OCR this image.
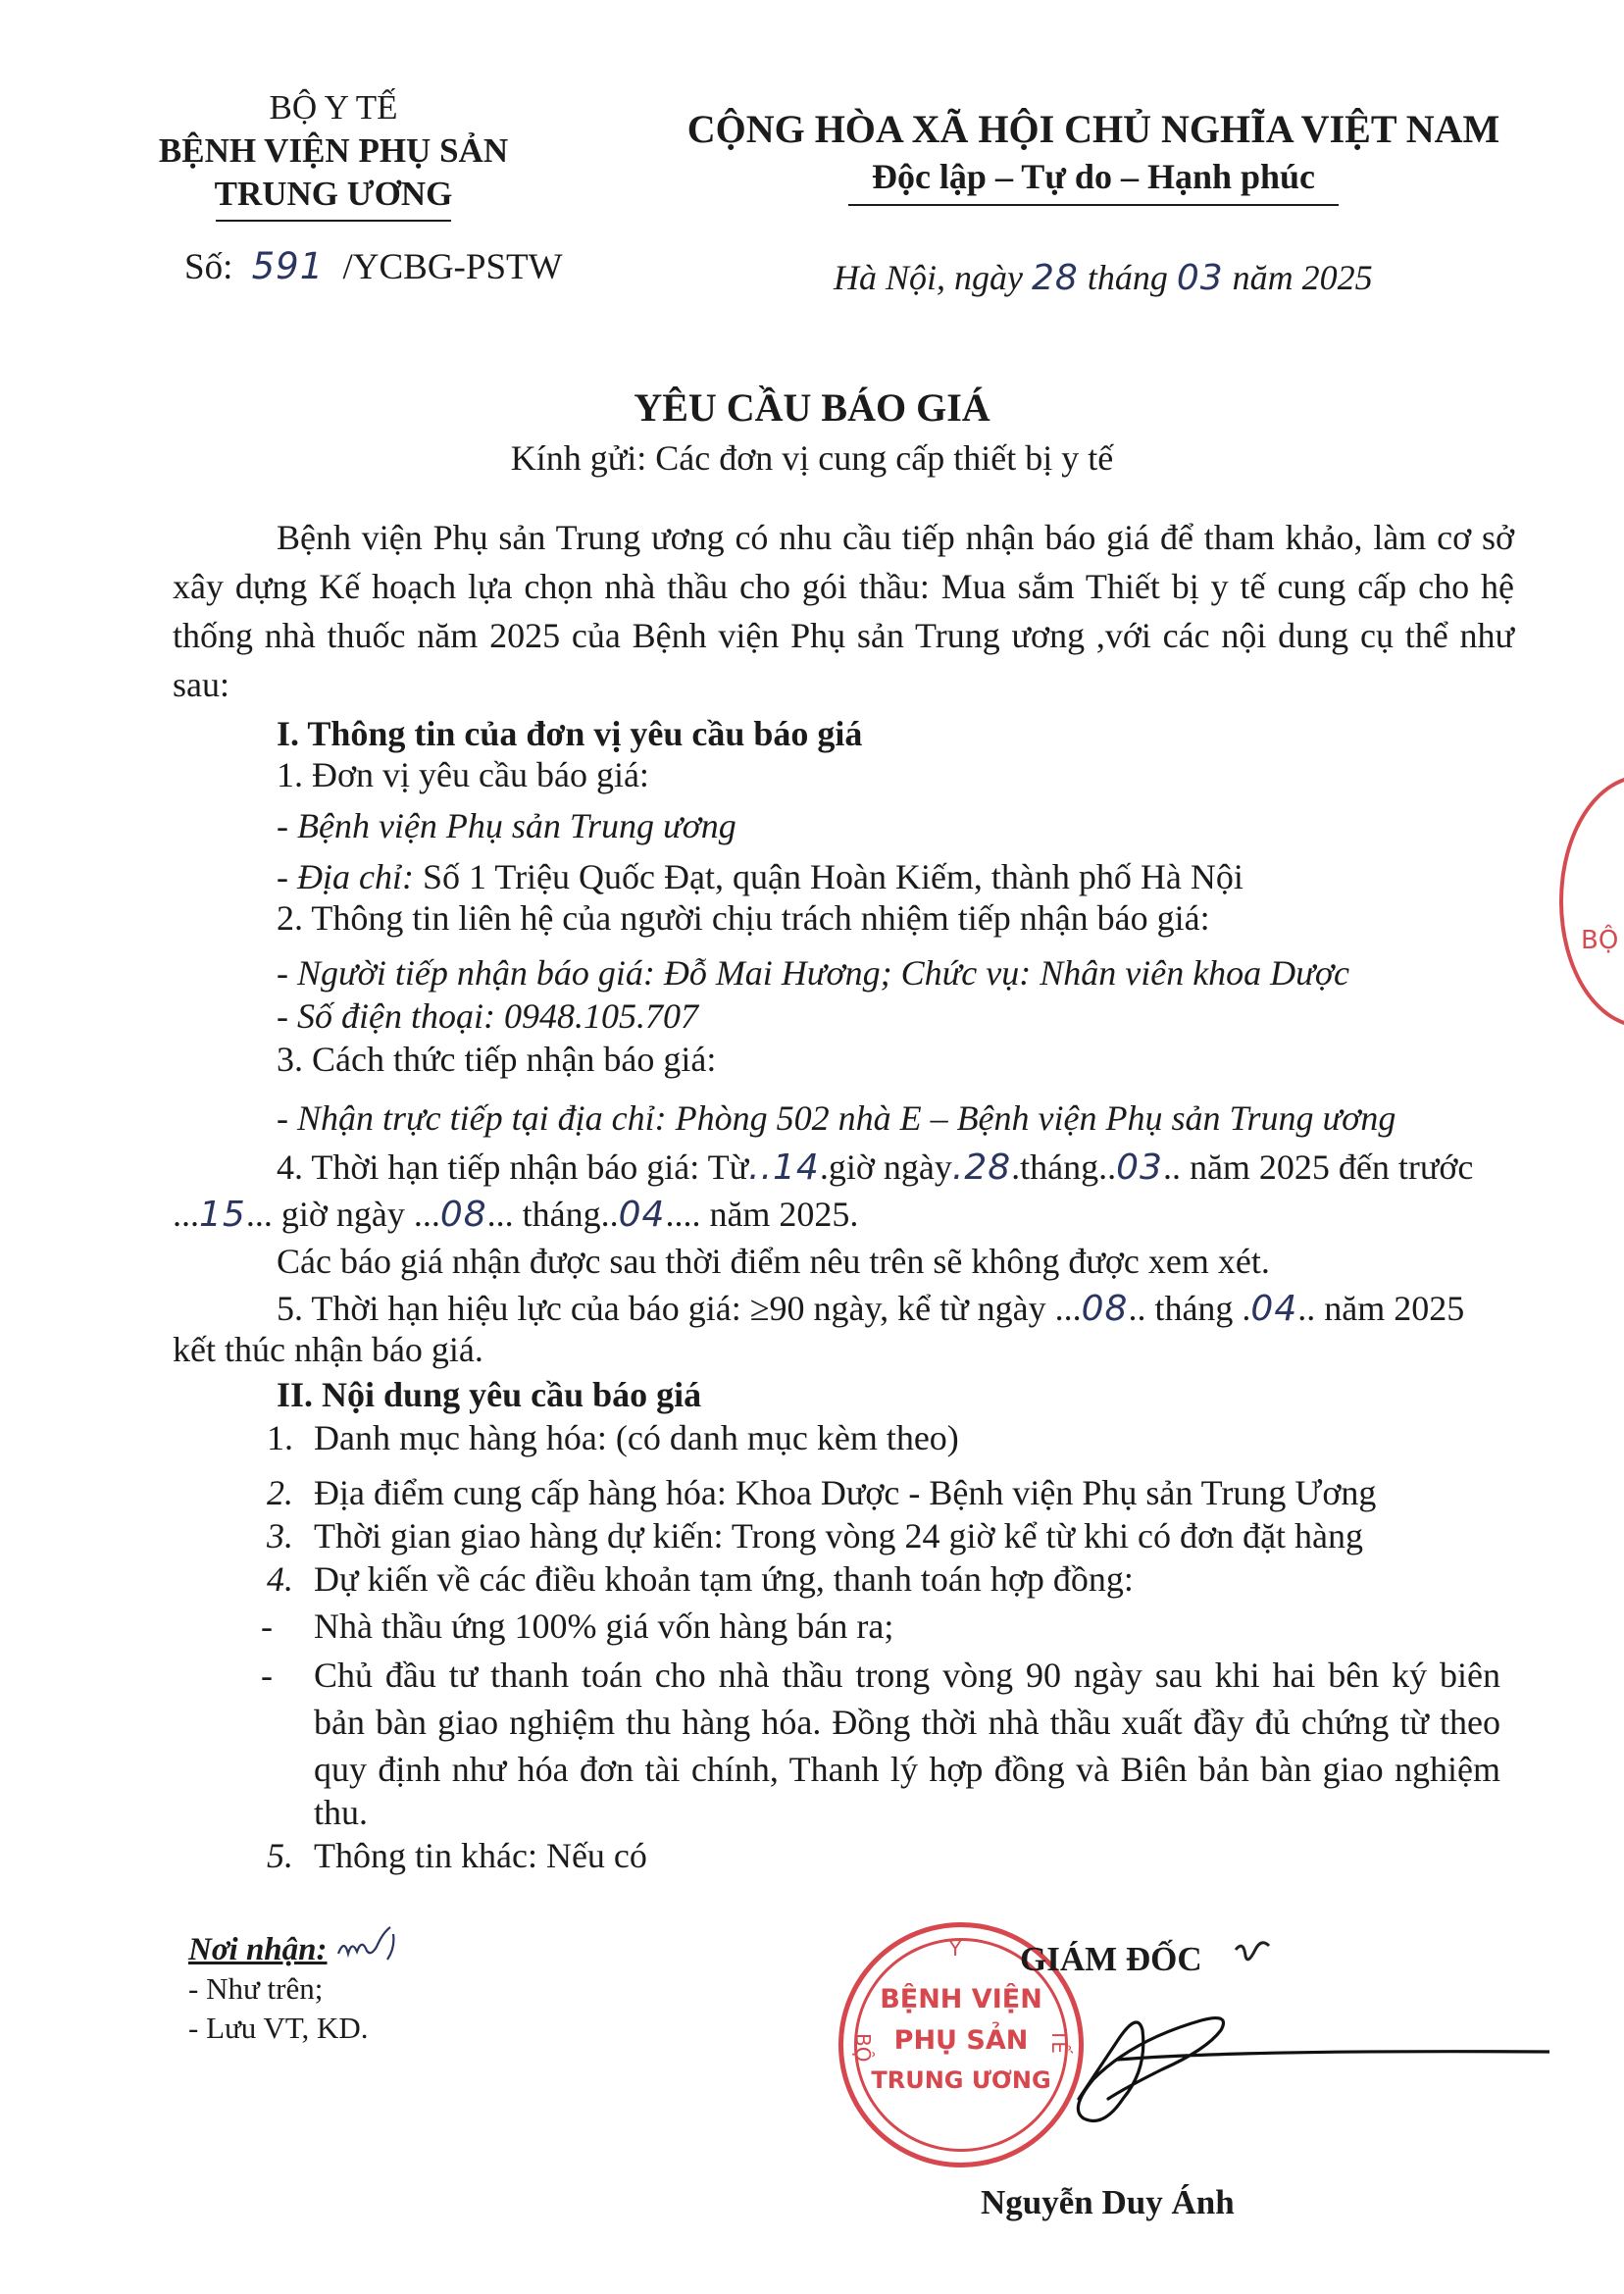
BỘ Y TẾ
BỆNH VIỆN PHỤ SẢN
TRUNG ƯƠNG
CỘNG HÒA XÃ HỘI CHỦ NGHĨA VIỆT NAM
Độc lập – Tự do – Hạnh phúc
Số: 591 /YCBG-PSTW	Hà Nội, ngày 28 tháng 03 năm 2025
YÊU CẦU BÁO GIÁ
Kính gửi: Các đơn vị cung cấp thiết bị y tế
Bệnh viện Phụ sản Trung ương có nhu cầu tiếp nhận báo giá để tham khảo, làm cơ sở
xây dựng Kế hoạch lựa chọn nhà thầu cho gói thầu: Mua sắm Thiết bị y tế cung cấp cho hệ
thống nhà thuốc năm 2025 của Bệnh viện Phụ sản Trung ương ,với các nội dung cụ thể như
sau:
I. Thông tin của đơn vị yêu cầu báo giá
1. Đơn vị yêu cầu báo giá:
- Bệnh viện Phụ sản Trung ương
- Địa chỉ: Số 1 Triệu Quốc Đạt, quận Hoàn Kiếm, thành phố Hà Nội
2. Thông tin liên hệ của người chịu trách nhiệm tiếp nhận báo giá:
- Người tiếp nhận báo giá: Đỗ Mai Hương; Chức vụ: Nhân viên khoa Dược
- Số điện thoại: 0948.105.707
3. Cách thức tiếp nhận báo giá:
- Nhận trực tiếp tại địa chỉ: Phòng 502 nhà E – Bệnh viện Phụ sản Trung ương
4. Thời hạn tiếp nhận báo giá: Từ..14.giờ ngày.28.tháng..03.. năm 2025 đến trước
...15... giờ ngày ...08... tháng..04.... năm 2025.
Các báo giá nhận được sau thời điểm nêu trên sẽ không được xem xét.
5. Thời hạn hiệu lực của báo giá: ≥90 ngày, kể từ ngày ...08.. tháng .04.. năm 2025
kết thúc nhận báo giá.
II. Nội dung yêu cầu báo giá
1. Danh mục hàng hóa: (có danh mục kèm theo)
2. Địa điểm cung cấp hàng hóa: Khoa Dược - Bệnh viện Phụ sản Trung Ương
3. Thời gian giao hàng dự kiến: Trong vòng 24 giờ kể từ khi có đơn đặt hàng
4. Dự kiến về các điều khoản tạm ứng, thanh toán hợp đồng:
- Nhà thầu ứng 100% giá vốn hàng bán ra;
- Chủ đầu tư thanh toán cho nhà thầu trong vòng 90 ngày sau khi hai bên ký biên
bản bàn giao nghiệm thu hàng hóa. Đồng thời nhà thầu xuất đầy đủ chứng từ theo
quy định như hóa đơn tài chính, Thanh lý hợp đồng và Biên bản bàn giao nghiệm
thu.
5. Thông tin khác: Nếu có
Nơi nhận:
- Như trên;
- Lưu VT, KD.
BỘ
Y
BỘ	TẾ
BỆNH VIỆN
PHỤ SẢN
TRUNG ƯƠNG
GIÁM ĐỐC
Nguyễn Duy Ánh
